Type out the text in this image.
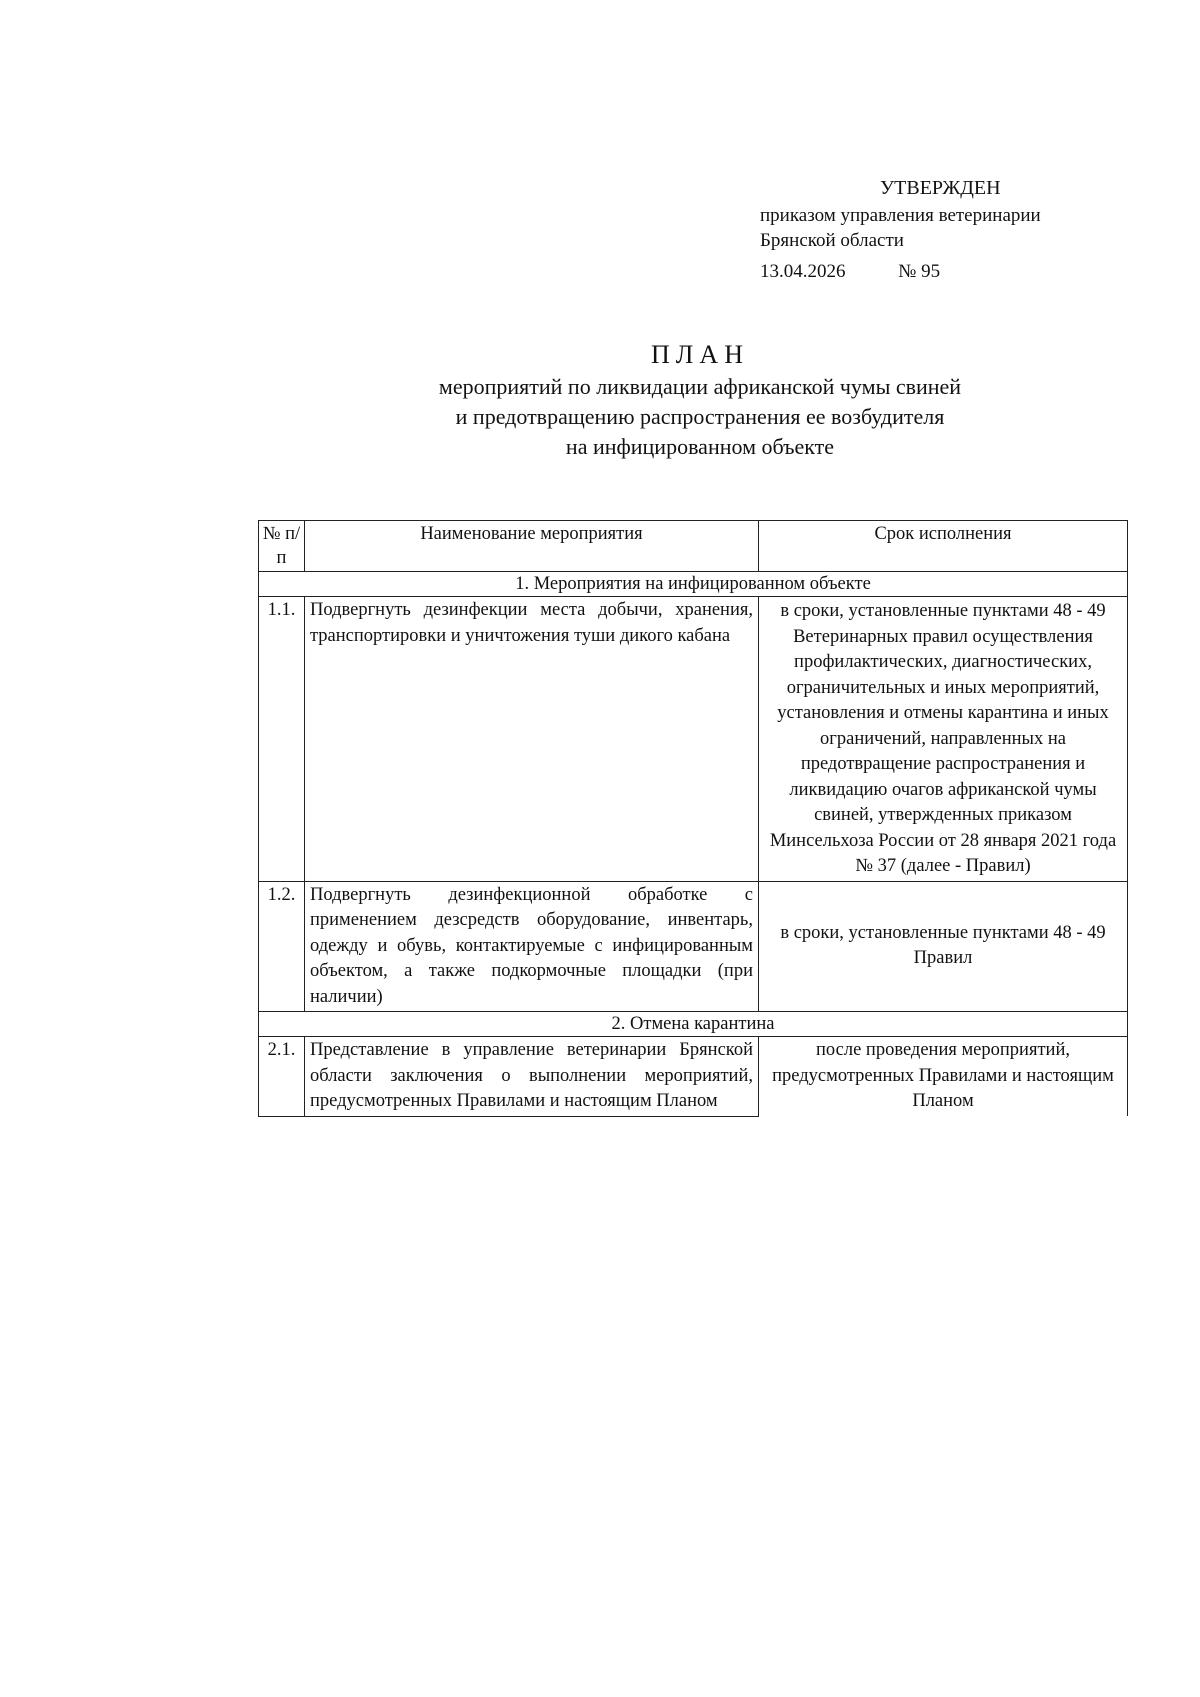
УТВЕРЖДЕН
приказом управления ветеринарии
Брянской области
13.04.2026	№ 95
ПЛАН
мероприятий по ликвидации африканской чумы свиней
и предотвращению распространения ее возбудителя
на инфицированном объекте
№ п/п	Наименование мероприятия	Срок исполнения
1. Мероприятия на инфицированном объекте		
1.1.	Подвергнуть дезинфекции места добычи, хранения, транспортировки и уничтожения туши дикого кабана	в сроки, установленные пунктами 48 - 49 Ветеринарных правил осуществления профилактических, диагностических, ограничительных и иных мероприятий, установления и отмены карантина и иных ограничений, направленных на предотвращение распространения и ликвидацию очагов африканской чумы свиней, утвержденных приказом Минсельхоза России от 28 января 2021 года № 37 (далее - Правил)
1.2.	Подвергнуть дезинфекционной обработке с применением дезсредств оборудование, инвентарь, одежду и обувь, контактируемые с инфицированным объектом, а также подкормочные площадки (при наличии)	в сроки, установленные пунктами 48 - 49 Правил
2. Отмена карантина		
2.1.	Представление в управление ветеринарии Брянской области заключения о выполнении мероприятий, предусмотренных Правилами и настоящим Планом	после проведения мероприятий, предусмотренных Правилами и настоящим Планом
